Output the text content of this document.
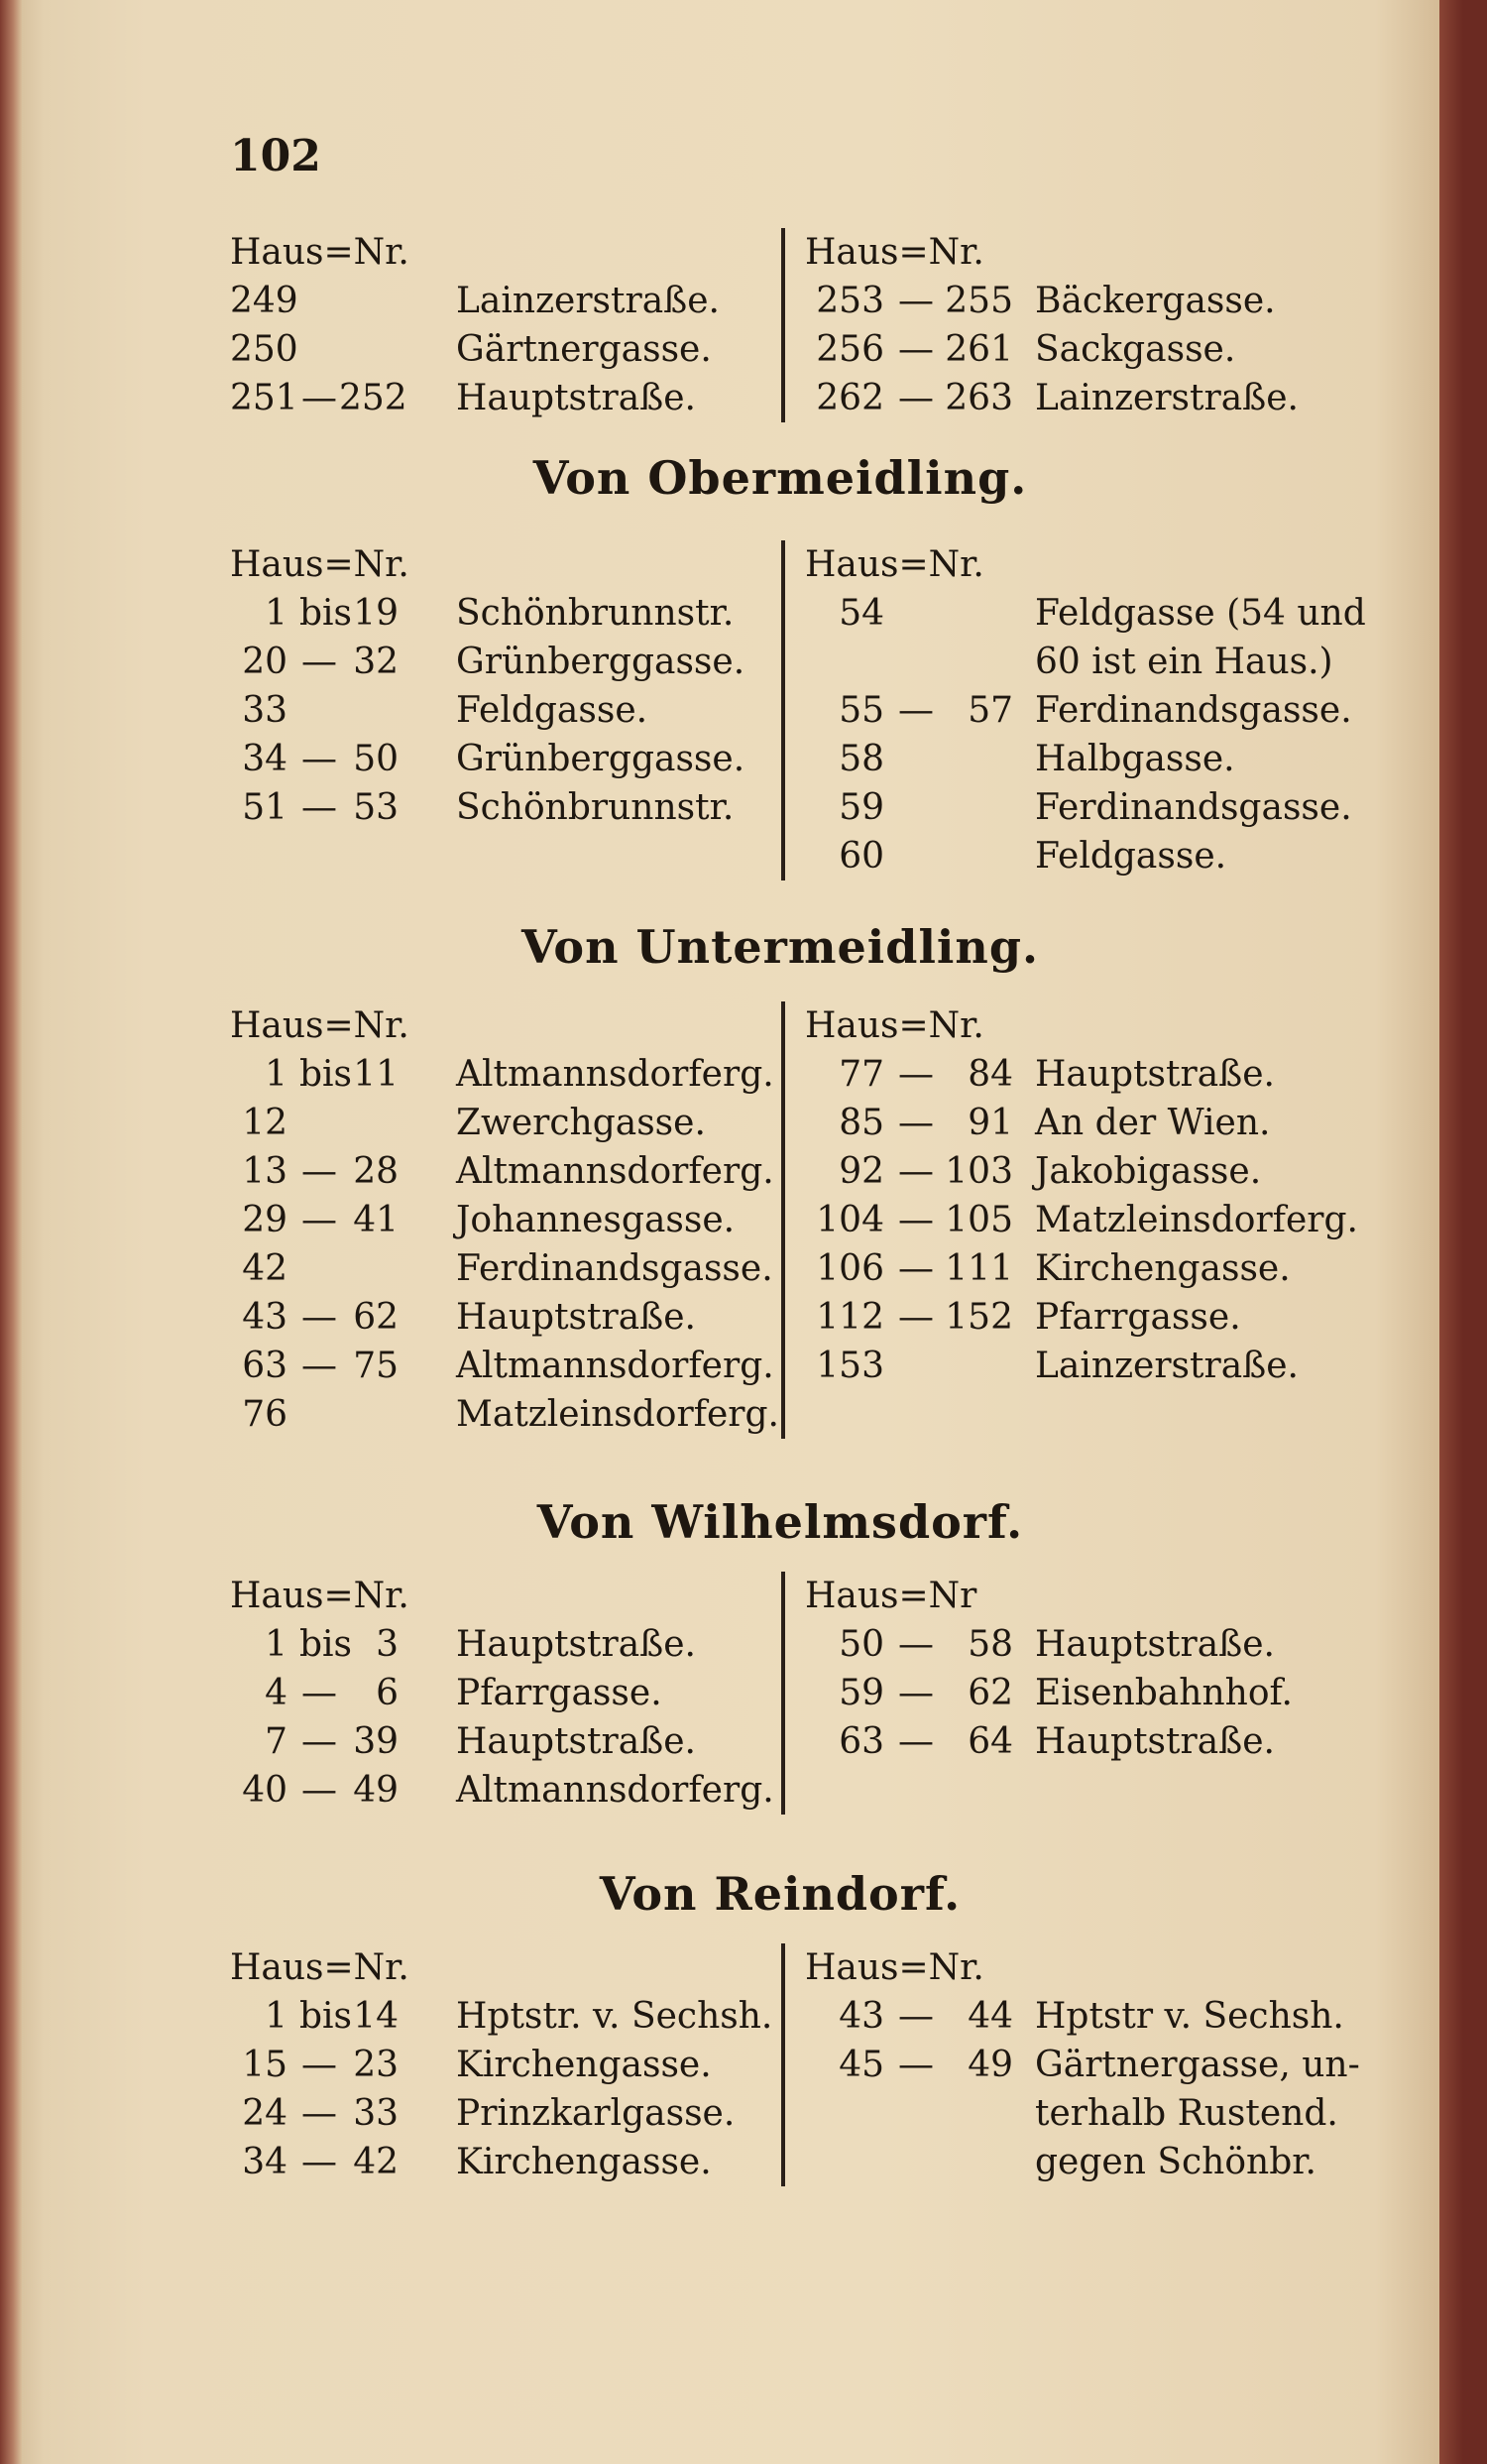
102
Haus=Nr.
249	Lainzerstraße.
250	Gärtnergasse.
251 — 252 Hauptstraße.
Haus=Nr.
253 — 255 Bäckergasse.
256 — 261 Sackgasse.
262 — 263 Lainzerstraße.
Von Obermeidling.
Haus=Nr.
1 bis 19 Schönbrunnstr.
20 — 32 Grünberggasse.
33	Feldgasse.
34 — 50 Grünberggasse.
51 — 53 Schönbrunnstr.
Haus=Nr.
54	Feldgasse (54 und
60 ist ein Haus.)
55 — 57 Ferdinandsgasse.
58	Halbgasse.
59	Ferdinandsgasse.
60	Feldgasse.
Von Untermeidling.
Haus=Nr.
1 bis 11 Altmannsdorferg.
12	Zwerchgasse.
13 — 28 Altmannsdorferg.
29 — 41 Johannesgasse.
42	Ferdinandsgasse.
43 — 62 Hauptstraße.
63 — 75 Altmannsdorferg.
76	Matzleinsdorferg.
Haus=Nr.
77 — 84 Hauptstraße.
85 — 91 An der Wien.
92 — 103 Jakobigasse.
104 — 105 Matzleinsdorferg.
106 — 111 Kirchengasse.
112 — 152 Pfarrgasse.
153	Lainzerstraße.
Von Wilhelmsdorf.
Haus=Nr.
1 bis 3 Hauptstraße.
4 —	6 Pfarrgasse.
7 — 39 Hauptstraße.
40 — 49 Altmannsdorferg.
Haus=Nr
50 — 58 Hauptstraße.
59 — 62 Eisenbahnhof.
63 — 64 Hauptstraße.
Von Reindorf.
Haus=Nr.
1 bis 14 Hptstr. v. Sechsh.
15 — 23 Kirchengasse.
24 — 33 Prinzkarlgasse.
34 — 42 Kirchengasse.
Haus=Nr.
43 — 44 Hptstr v. Sechsh.
45 — 49 Gärtnergasse, un-
terhalb Rustend.
gegen Schönbr.
